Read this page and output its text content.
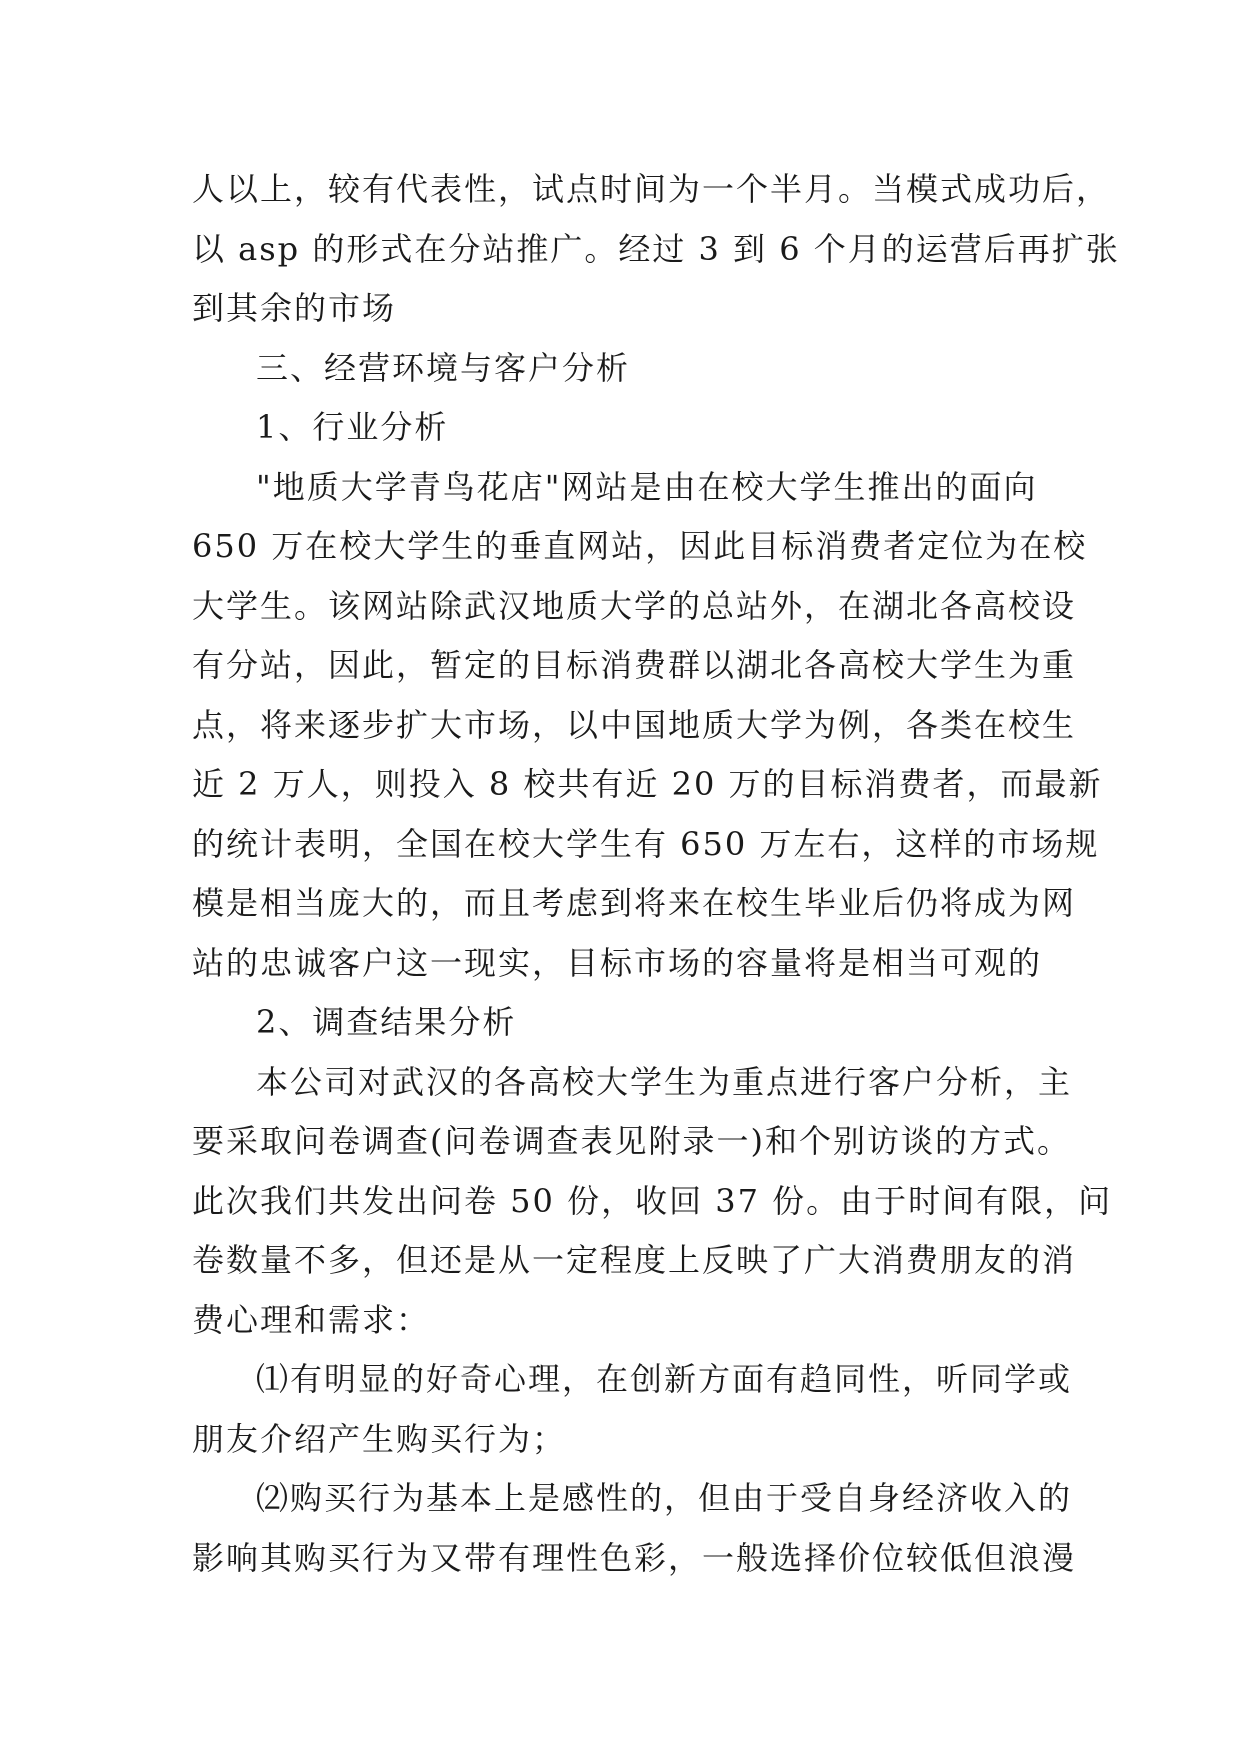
人以上，较有代表性，试点时间为一个半月。当模式成功后，
以 asp 的形式在分站推广。经过 3 到 6 个月的运营后再扩张
到其余的市场
三、经营环境与客户分析
1、行业分析
"地质大学青鸟花店"网站是由在校大学生推出的面向
650 万在校大学生的垂直网站，因此目标消费者定位为在校
大学生。该网站除武汉地质大学的总站外，在湖北各高校设
有分站，因此，暂定的目标消费群以湖北各高校大学生为重
点，将来逐步扩大市场，以中国地质大学为例，各类在校生
近 2 万人，则投入 8 校共有近 20 万的目标消费者，而最新
的统计表明，全国在校大学生有 650 万左右，这样的市场规
模是相当庞大的，而且考虑到将来在校生毕业后仍将成为网
站的忠诚客户这一现实，目标市场的容量将是相当可观的
2、调查结果分析
本公司对武汉的各高校大学生为重点进行客户分析，主
要采取问卷调查(问卷调查表见附录一)和个别访谈的方式。
此次我们共发出问卷 50 份，收回 37 份。由于时间有限，问
卷数量不多，但还是从一定程度上反映了广大消费朋友的消
费心理和需求：
⑴有明显的好奇心理，在创新方面有趋同性，听同学或
朋友介绍产生购买行为；
⑵购买行为基本上是感性的，但由于受自身经济收入的
影响其购买行为又带有理性色彩，一般选择价位较低但浪漫
